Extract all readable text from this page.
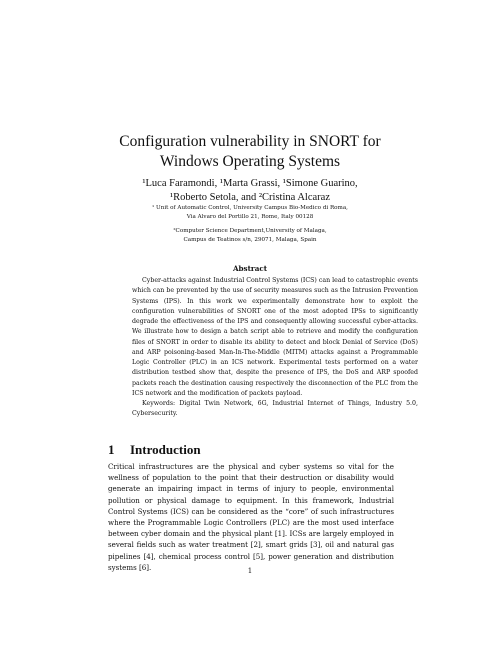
Configuration vulnerability in SNORT for
Windows Operating Systems
¹Luca Faramondi, ¹Marta Grassi, ¹Simone Guarino,
¹Roberto Setola, and ²Cristina Alcaraz
¹ Unit of Automatic Control, University Campus Bio-Medico di Roma,
Via Alvaro del Portillo 21, Rome, Italy 00128
²Computer Science Department,University of Malaga,
Campus de Teatinos s/n, 29071, Malaga, Spain
Abstract

Cyber-attacks against Industrial Control Systems (ICS) can lead to catastrophic events which can be prevented by the use of security measures such as the Intrusion Prevention Systems (IPS). In this work we experimentally demonstrate how to exploit the configuration vulnerabilities of SNORT one of the most adopted IPSs to significantly degrade the effectiveness of the IPS and consequently allowing successful cyber-attacks. We illustrate how to design a batch script able to retrieve and modify the configuration files of SNORT in order to disable its ability to detect and block Denial of Service (DoS) and ARP poisoning-based Man-In-The-Middle (MITM) attacks against a Programmable Logic Controller (PLC) in an ICS network. Experimental tests performed on a water distribution testbed show that, despite the presence of IPS, the DoS and ARP spoofed packets reach the destination causing respectively the disconnection of the PLC from the ICS network and the modification of packets payload.

Keywords: Digital Twin Network, 6G, Industrial Internet of Things, Industry 5.0, Cybersecurity.

1 Introduction

Critical infrastructures are the physical and cyber systems so vital for the wellness of population to the point that their destruction or disability would generate an impairing impact in terms of injury to people, environmental pollution or physical damage to equipment. In this framework, Industrial Control Systems (ICS) can be considered as the “core” of such infrastructures where the Programmable Logic Controllers (PLC) are the most used interface between cyber domain and the physical plant [1]. ICSs are largely employed in several fields such as water treatment [2], smart grids [3], oil and natural gas pipelines [4], chemical process control [5], power generation and distribution systems [6].	1
